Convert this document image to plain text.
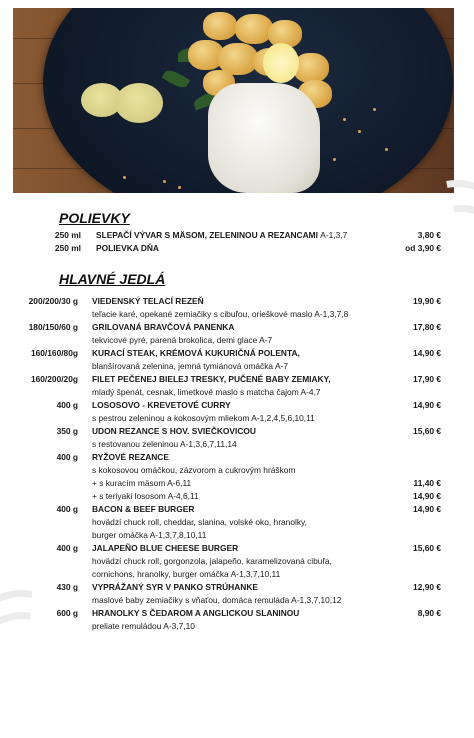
POLIEVKY
250 ml SLEPAČÍ VÝVAR S MÄSOM, ZELENINOU A REZANCAMI A-1,3,7	3,80 €
250 ml POLIEVKA DŇA	od 3,90 €
HLAVNÉ JEDLÁ
200/200/30 g VIEDENSKÝ TELACÍ REZEŇ	19,90 €
teľacie karé, opekané zemiačiky s cibuľou, orieškové maslo A-1,3,7,8
180/150/60 g GRILOVANÁ BRAVČOVÁ PANENKA	17,80 €
tekvicové pyré, parená brokolica, demi glace A-7
160/160/80g KURACÍ STEAK, KRÉMOVÁ KUKURIČNÁ POLENTA,	14,90 €
blanšírovaná zelenina, jemná tymiánová omáčka A-7
160/200/20g FILET PEČENEJ BIELEJ TRESKY, PUČENÉ BABY ZEMIAKY,	17,90 €
mladý špenát, cesnak, limetkové maslo s matcha čajom A-4,7
400 g LOSOSOVO - KREVETOVÉ CURRY	14,90 €
s pestrou zeleninou a kokosovým mliekom A-1,2,4,5,6,10,11
350 g UDON REZANCE S HOV. SVIEČKOVICOU	15,60 €
s restovanou zeleninou A-1,3,6,7,11,14
400 g RYŽOVÉ REZANCE
s kokosovou omáčkou, zázvorom a cukrovým hráškom
+ s kuracím mäsom A-6,11	11,40 €
+ s teriyaki lososom A-4,6,11	14,90 €
400 g BACON & BEEF BURGER	14,90 €
hovädzí chuck roll, cheddar, slanina, volské oko, hranolky,
burger omáčka A-1,3,7,8,10,11
400 g JALAPEÑO BLUE CHEESE BURGER	15,60 €
hovädzí chuck roll, gorgonzola, jalapeño, karamelizovaná cibuľa,
cornichons, hranolky, burger omáčka A-1,3,7,10,11
430 g VYPRÁŽANÝ SYR V PANKO STRÚHANKE	12,90 €
maslové baby zemiačiky s vňaťou, domáca remuláda A-1,3,7,10,12
600 g HRANOLKY S ČEDAROM A ANGLICKOU SLANINOU	8,90 €
preliate remuládou A-3,7,10
